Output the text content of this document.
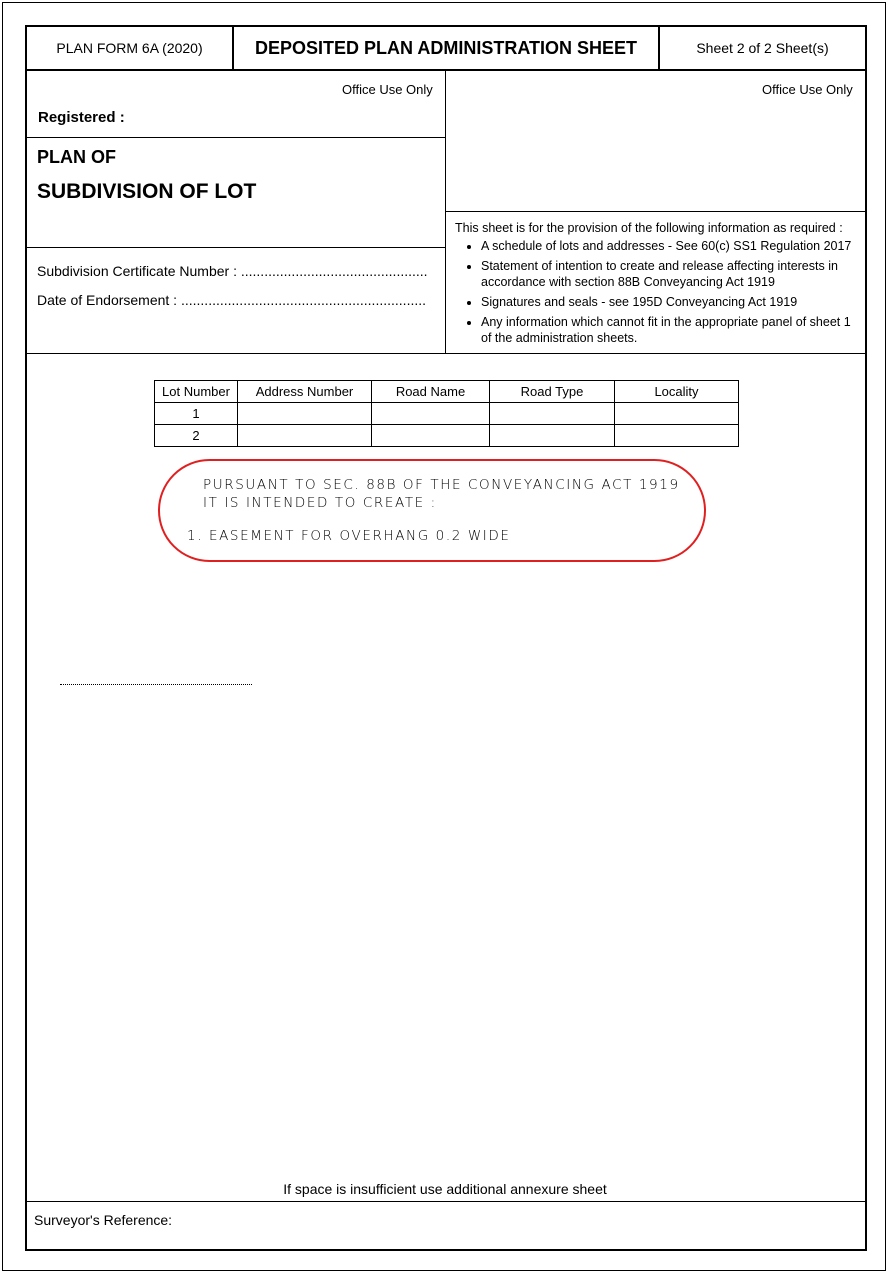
PLAN FORM 6A (2020)	DEPOSITED PLAN ADMINISTRATION SHEET	Sheet 2 of 2 Sheet(s)
Office Use Only
Registered :
PLAN OF
SUBDIVISION OF LOT
Subdivision Certificate Number : ................................................
Date of Endorsement : ...............................................................
Office Use Only
This sheet is for the provision of the following information as required :
• A schedule of lots and addresses - See 60(c) SS1 Regulation 2017
• Statement of intention to create and release affecting interests in accordance with section 88B Conveyancing Act 1919
• Signatures and seals - see 195D Conveyancing Act 1919
• Any information which cannot fit in the appropriate panel of sheet 1 of the administration sheets.
Lot Number	Address Number	Road Name	Road Type	Locality
1				
2				
PURSUANT TO SEC. 88B OF THE CONVEYANCING ACT 1919
IT IS INTENDED TO CREATE :
1. EASEMENT FOR OVERHANG 0.2 WIDE
If space is insufficient use additional annexure sheet
Surveyor's Reference:
